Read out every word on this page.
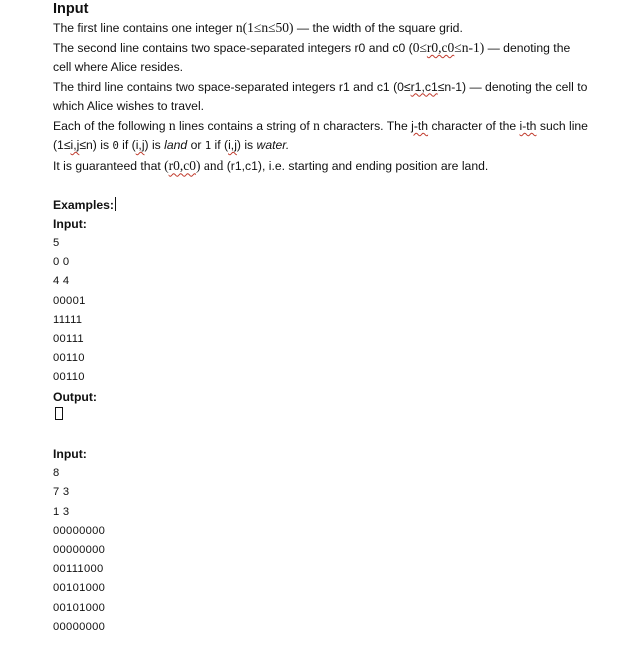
Input

The first line contains one integer n(1≤n≤50) — the width of the square grid.

The second line contains two space-separated integers r0 and c0 (0≤r0,c0≤n-1) — denoting the

cell where Alice resides.

The third line contains two space-separated integers r1 and c1 (0≤r1,c1≤n-1) — denoting the cell to

which Alice wishes to travel.

Each of the following n lines contains a string of n characters. The j-th character of the i-th such line

(1≤i,j≤n) is 0 if (i,j) is land or 1 if (i,j) is water.

It is guaranteed that (r0,c0) and (r1,c1), i.e. starting and ending position are land.

Examples:

Input:

5

0 0

4 4

00001

11111

00111

00110

00110

Output:

Input:

8

7 3

1 3

00000000

00000000

00111000

00101000

00101000

00000000
